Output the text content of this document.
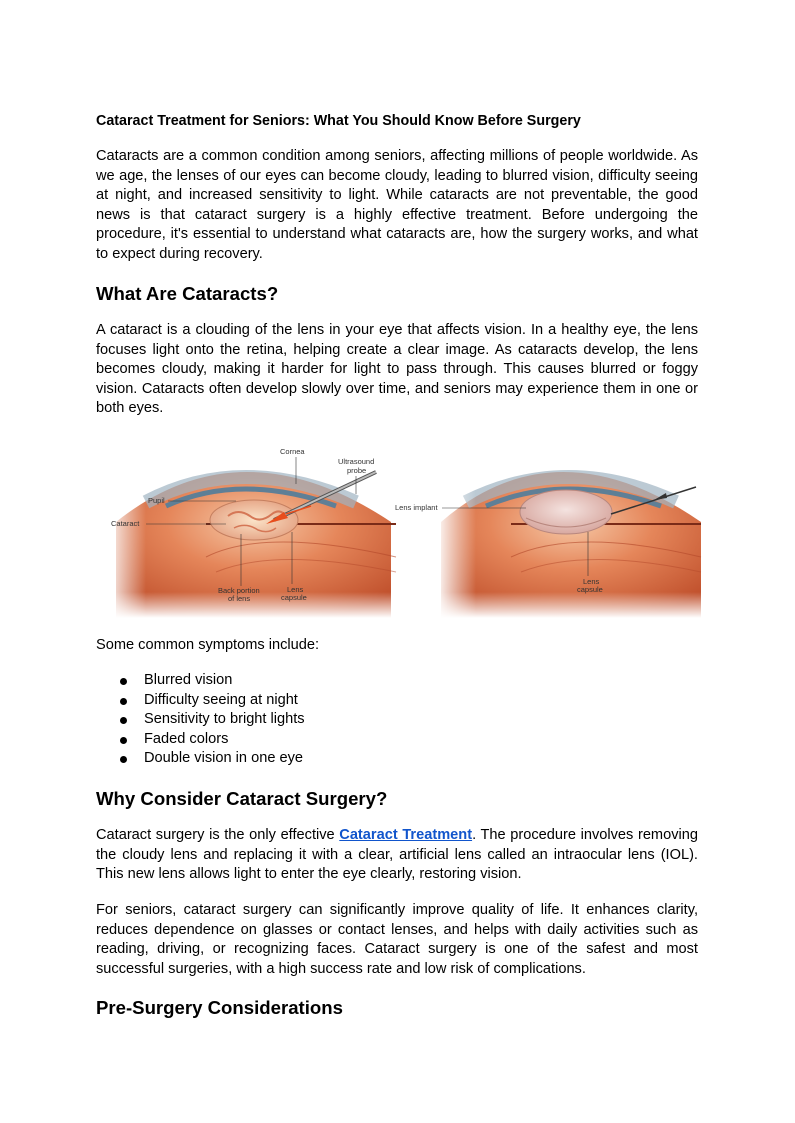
Cataract Treatment for Seniors: What You Should Know Before Surgery

Cataracts are a common condition among seniors, affecting millions of people worldwide. As we age, the lenses of our eyes can become cloudy, leading to blurred vision, difficulty seeing at night, and increased sensitivity to light. While cataracts are not preventable, the good news is that cataract surgery is a highly effective treatment. Before undergoing the procedure, it's essential to understand what cataracts are, how the surgery works, and what to expect during recovery.

What Are Cataracts?

A cataract is a clouding of the lens in your eye that affects vision. In a healthy eye, the lens focuses light onto the retina, helping create a clear image. As cataracts develop, the lens becomes cloudy, making it harder for light to pass through. This causes blurred or foggy vision. Cataracts often develop slowly over time, and seniors may experience them in one or both eyes.

Some common symptoms include:
Blurred vision
Difficulty seeing at night
Sensitivity to bright lights
Faded colors
Double vision in one eye
Why Consider Cataract Surgery?

Cataract surgery is the only effective Cataract Treatment. The procedure involves removing the cloudy lens and replacing it with a clear, artificial lens called an intraocular lens (IOL). This new lens allows light to enter the eye clearly, restoring vision.

For seniors, cataract surgery can significantly improve quality of life. It enhances clarity, reduces dependence on glasses or contact lenses, and helps with daily activities such as reading, driving, or recognizing faces. Cataract surgery is one of the safest and most successful surgeries, with a high success rate and low risk of complications.

Pre-Surgery Considerations
Cornea
Ultrasound
probe
Pupil
Cataract
Back portion
of lens
Lens
capsule
Lens implant
Lens
capsule
